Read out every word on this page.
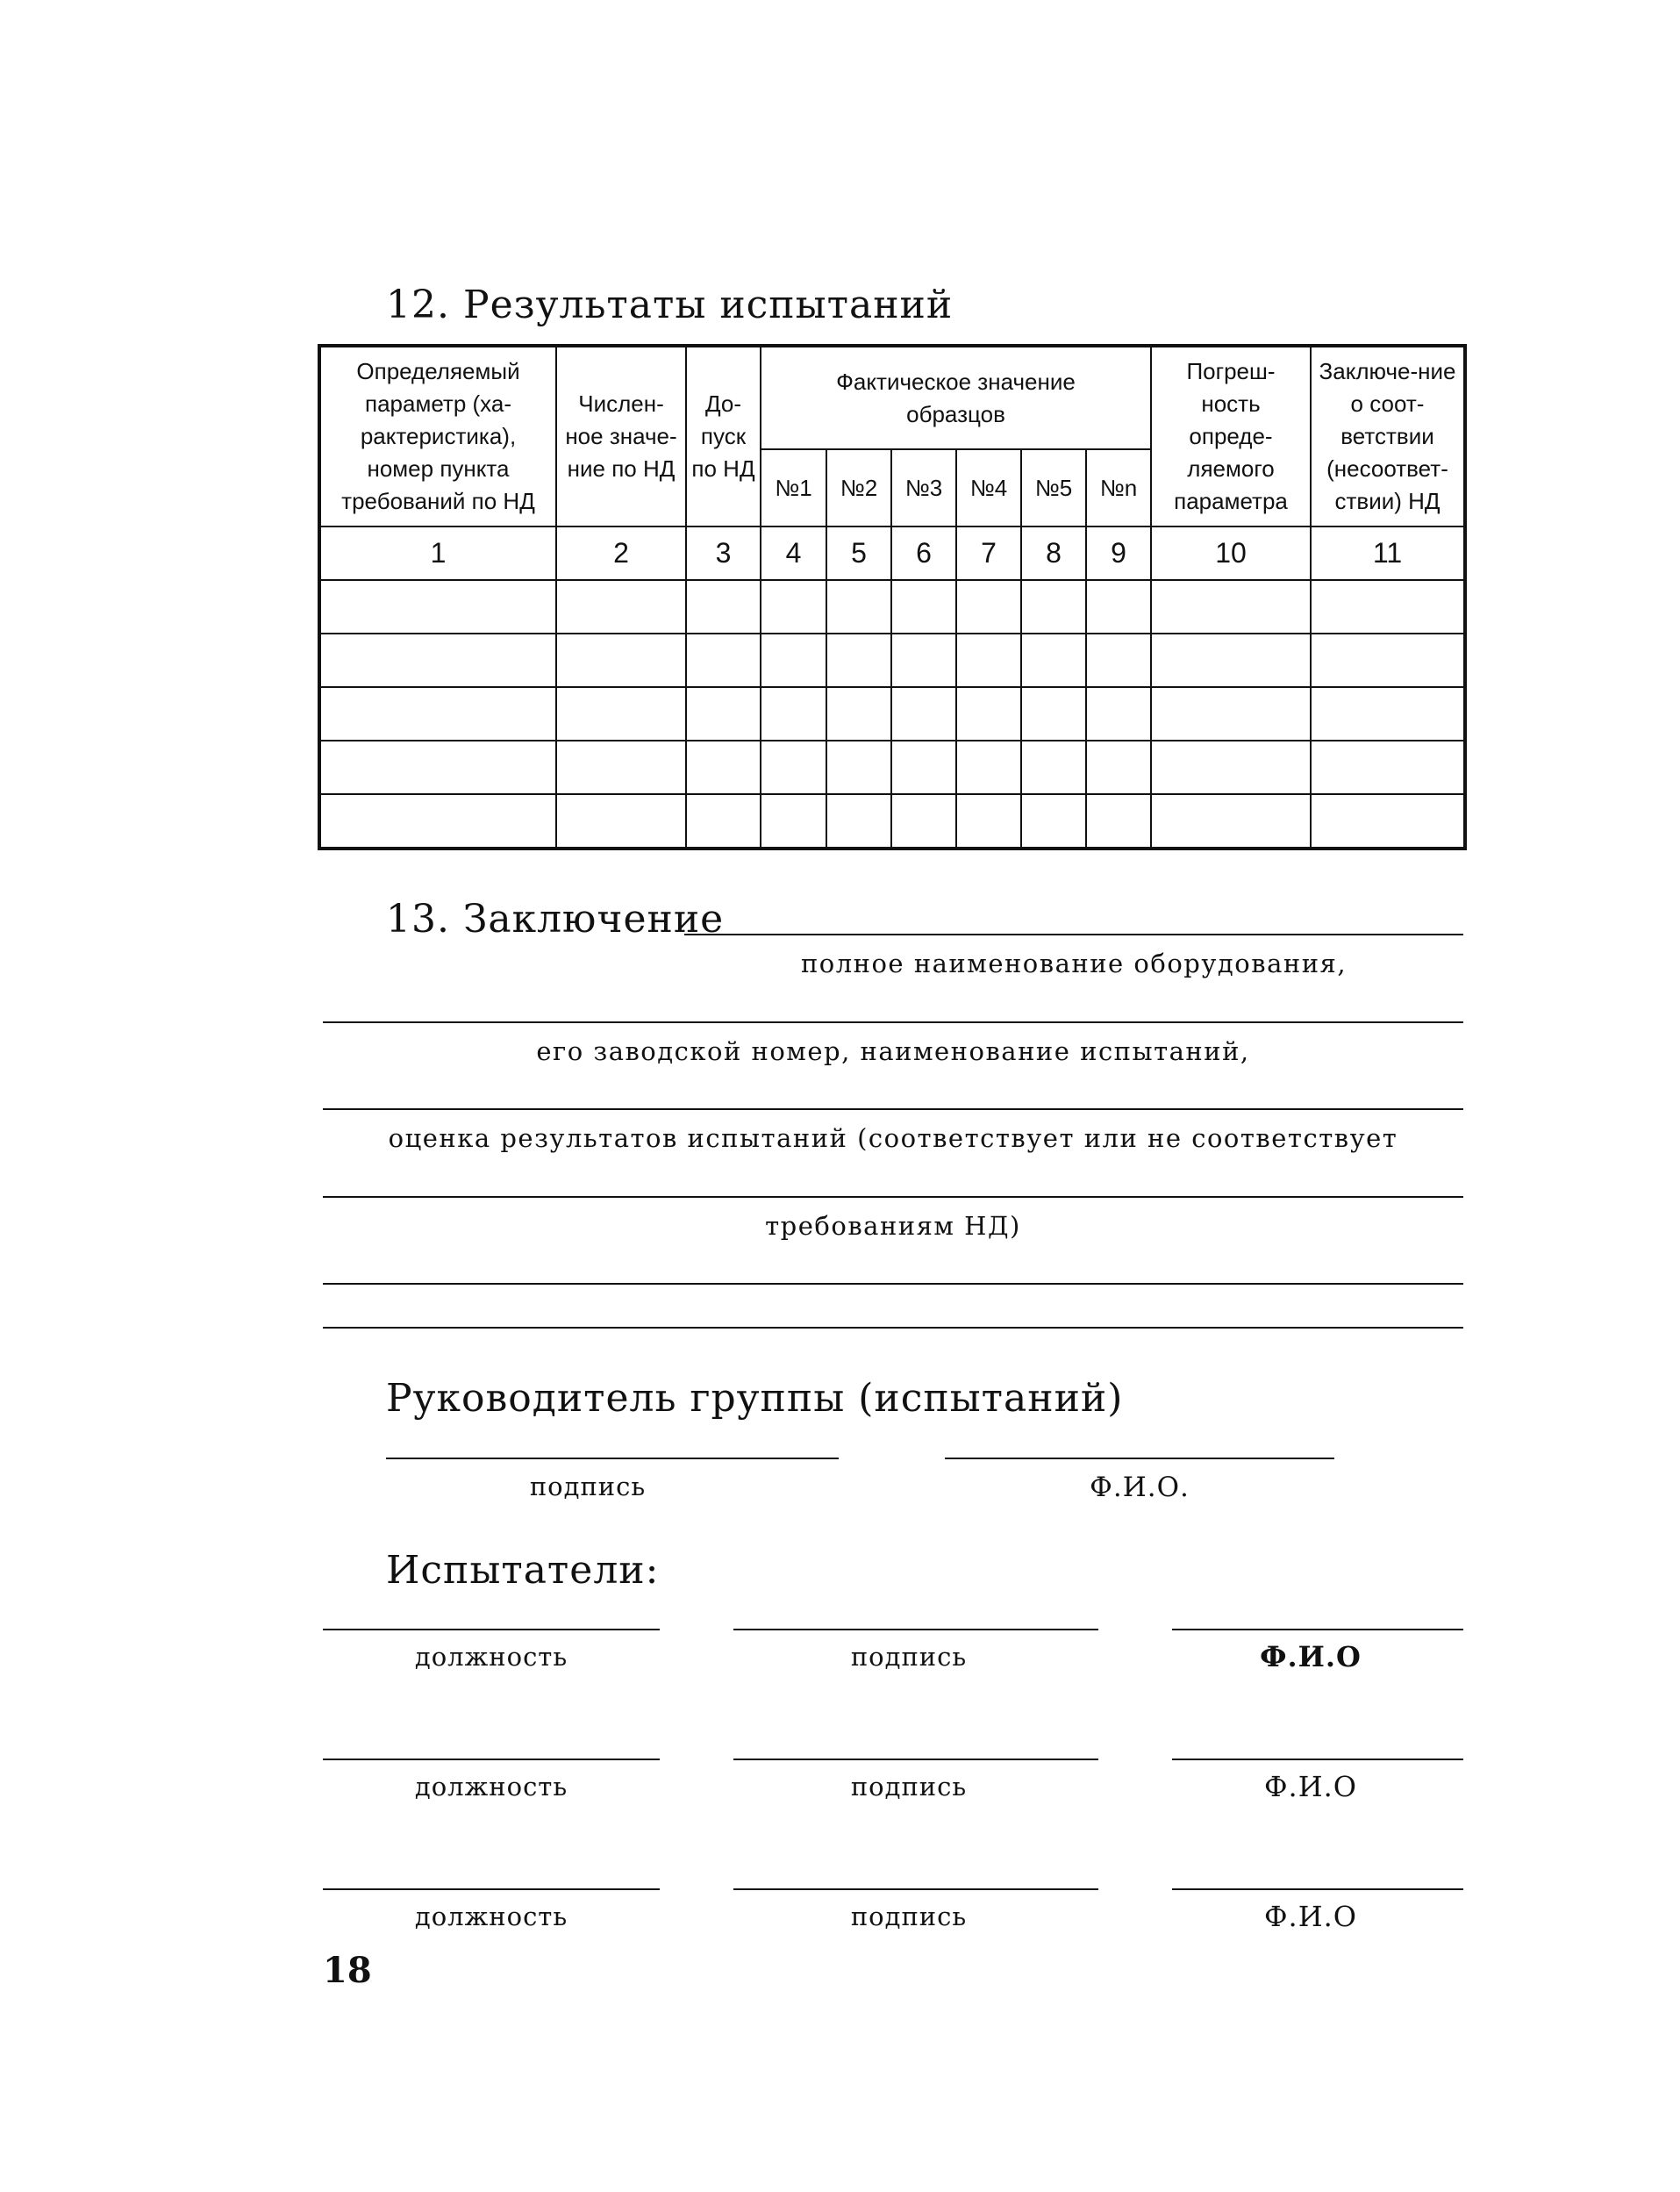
12. Результаты испытаний
Определяемый параметр (ха-рактеристика), номер пункта требований по НД	Числен-ное значе-ние по НД	До-пуск по НД	Фактическое значение образцов						Погреш-ность опреде-ляемого параметра	Заключе-ние о соот-ветствии (несоответ-ствии) НД
			№1	№2	№3	№4	№5	№n		
1	2	3	4	5	6	7	8	9	10	11

13. Заключение
полное наименование оборудования,
его заводской номер, наименование испытаний,
оценка результатов испытаний (соответствует или не соответствует
требованиям НД)
Руководитель группы (испытаний)
подпись	Ф.И.О.
Испытатели:
должность	подпись	Ф.И.О
должность	подпись	Ф.И.О
должность	подпись	Ф.И.О
18
